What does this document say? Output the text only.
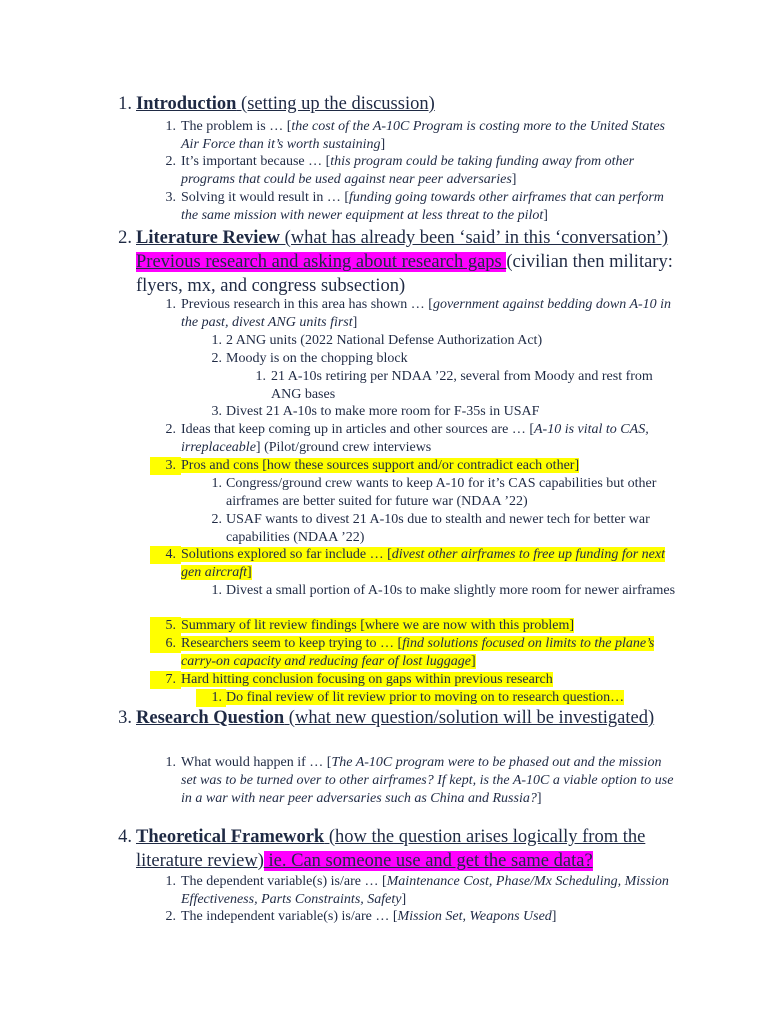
1. Introduction (setting up the discussion)
1. The problem is … [the cost of the A-10C Program is costing more to the United States Air Force than it’s worth sustaining]
2. It’s important because … [this program could be taking funding away from other programs that could be used against near peer adversaries]
3. Solving it would result in … [funding going towards other airframes that can perform the same mission with newer equipment at less threat to the pilot]
2. Literature Review (what has already been ‘said’ in this ‘conversation’) Previous research and asking about research gaps (civilian then military: flyers, mx, and congress subsection)
1. Previous research in this area has shown … [government against bedding down A-10 in the past, divest ANG units first]
1. 2 ANG units (2022 National Defense Authorization Act)
2. Moody is on the chopping block
1. 21 A-10s retiring per NDAA ’22, several from Moody and rest from ANG bases
3. Divest 21 A-10s to make more room for F-35s in USAF
2. Ideas that keep coming up in articles and other sources are … [A-10 is vital to CAS, irreplaceable] (Pilot/ground crew interviews
3. Pros and cons [how these sources support and/or contradict each other]
1. Congress/ground crew wants to keep A-10 for it’s CAS capabilities but other airframes are better suited for future war (NDAA ’22)
2. USAF wants to divest 21 A-10s due to stealth and newer tech for better war capabilities (NDAA ’22)
4. Solutions explored so far include … [divest other airframes to free up funding for next gen aircraft]
1. Divest a small portion of A-10s to make slightly more room for newer airframes
5. Summary of lit review findings [where we are now with this problem]
6. Researchers seem to keep trying to … [find solutions focused on limits to the plane’s carry-on capacity and reducing fear of lost luggage]
7. Hard hitting conclusion focusing on gaps within previous research
1. Do final review of lit review prior to moving on to research question…
3. Research Question (what new question/solution will be investigated)
1. What would happen if … [The A-10C program were to be phased out and the mission set was to be turned over to other airframes? If kept, is the A-10C a viable option to use in a war with near peer adversaries such as China and Russia?]
4. Theoretical Framework (how the question arises logically from the literature review) ie. Can someone use and get the same data?
1. The dependent variable(s) is/are … [Maintenance Cost, Phase/Mx Scheduling, Mission Effectiveness, Parts Constraints, Safety]
2. The independent variable(s) is/are … [Mission Set, Weapons Used]
